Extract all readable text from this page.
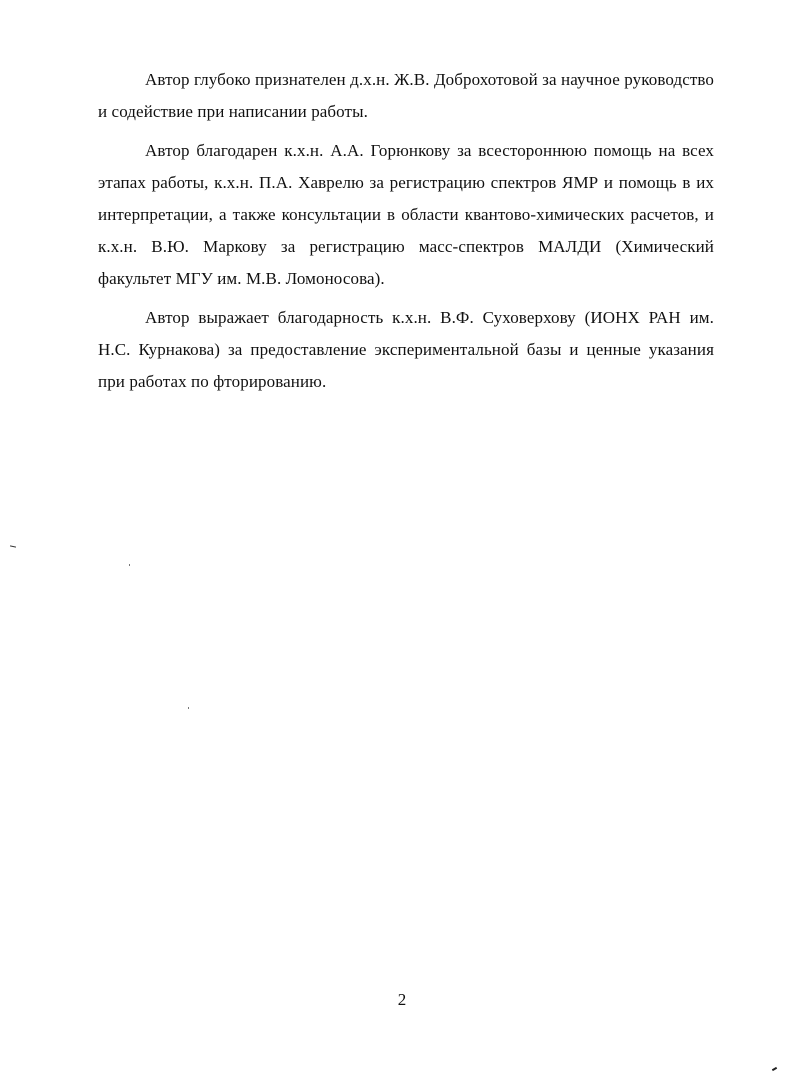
Автор глубоко признателен д.х.н. Ж.В. Доброхотовой за научное руководство и содействие при написании работы.

Автор благодарен к.х.н. А.А. Горюнкову за всестороннюю помощь на всех этапах работы, к.х.н. П.А. Хаврелю за регистрацию спектров ЯМР и помощь в их интерпретации, а также консультации в области квантово-химических расчетов, и к.х.н. В.Ю. Маркову за регистрацию масс-спектров МАЛДИ (Химический факультет МГУ им. М.В. Ломоносова).

Автор выражает благодарность к.х.н. В.Ф. Суховерхову (ИОНХ РАН им. Н.С. Курнакова) за предоставление экспериментальной базы и ценные указания при работах по фторированию.

2
